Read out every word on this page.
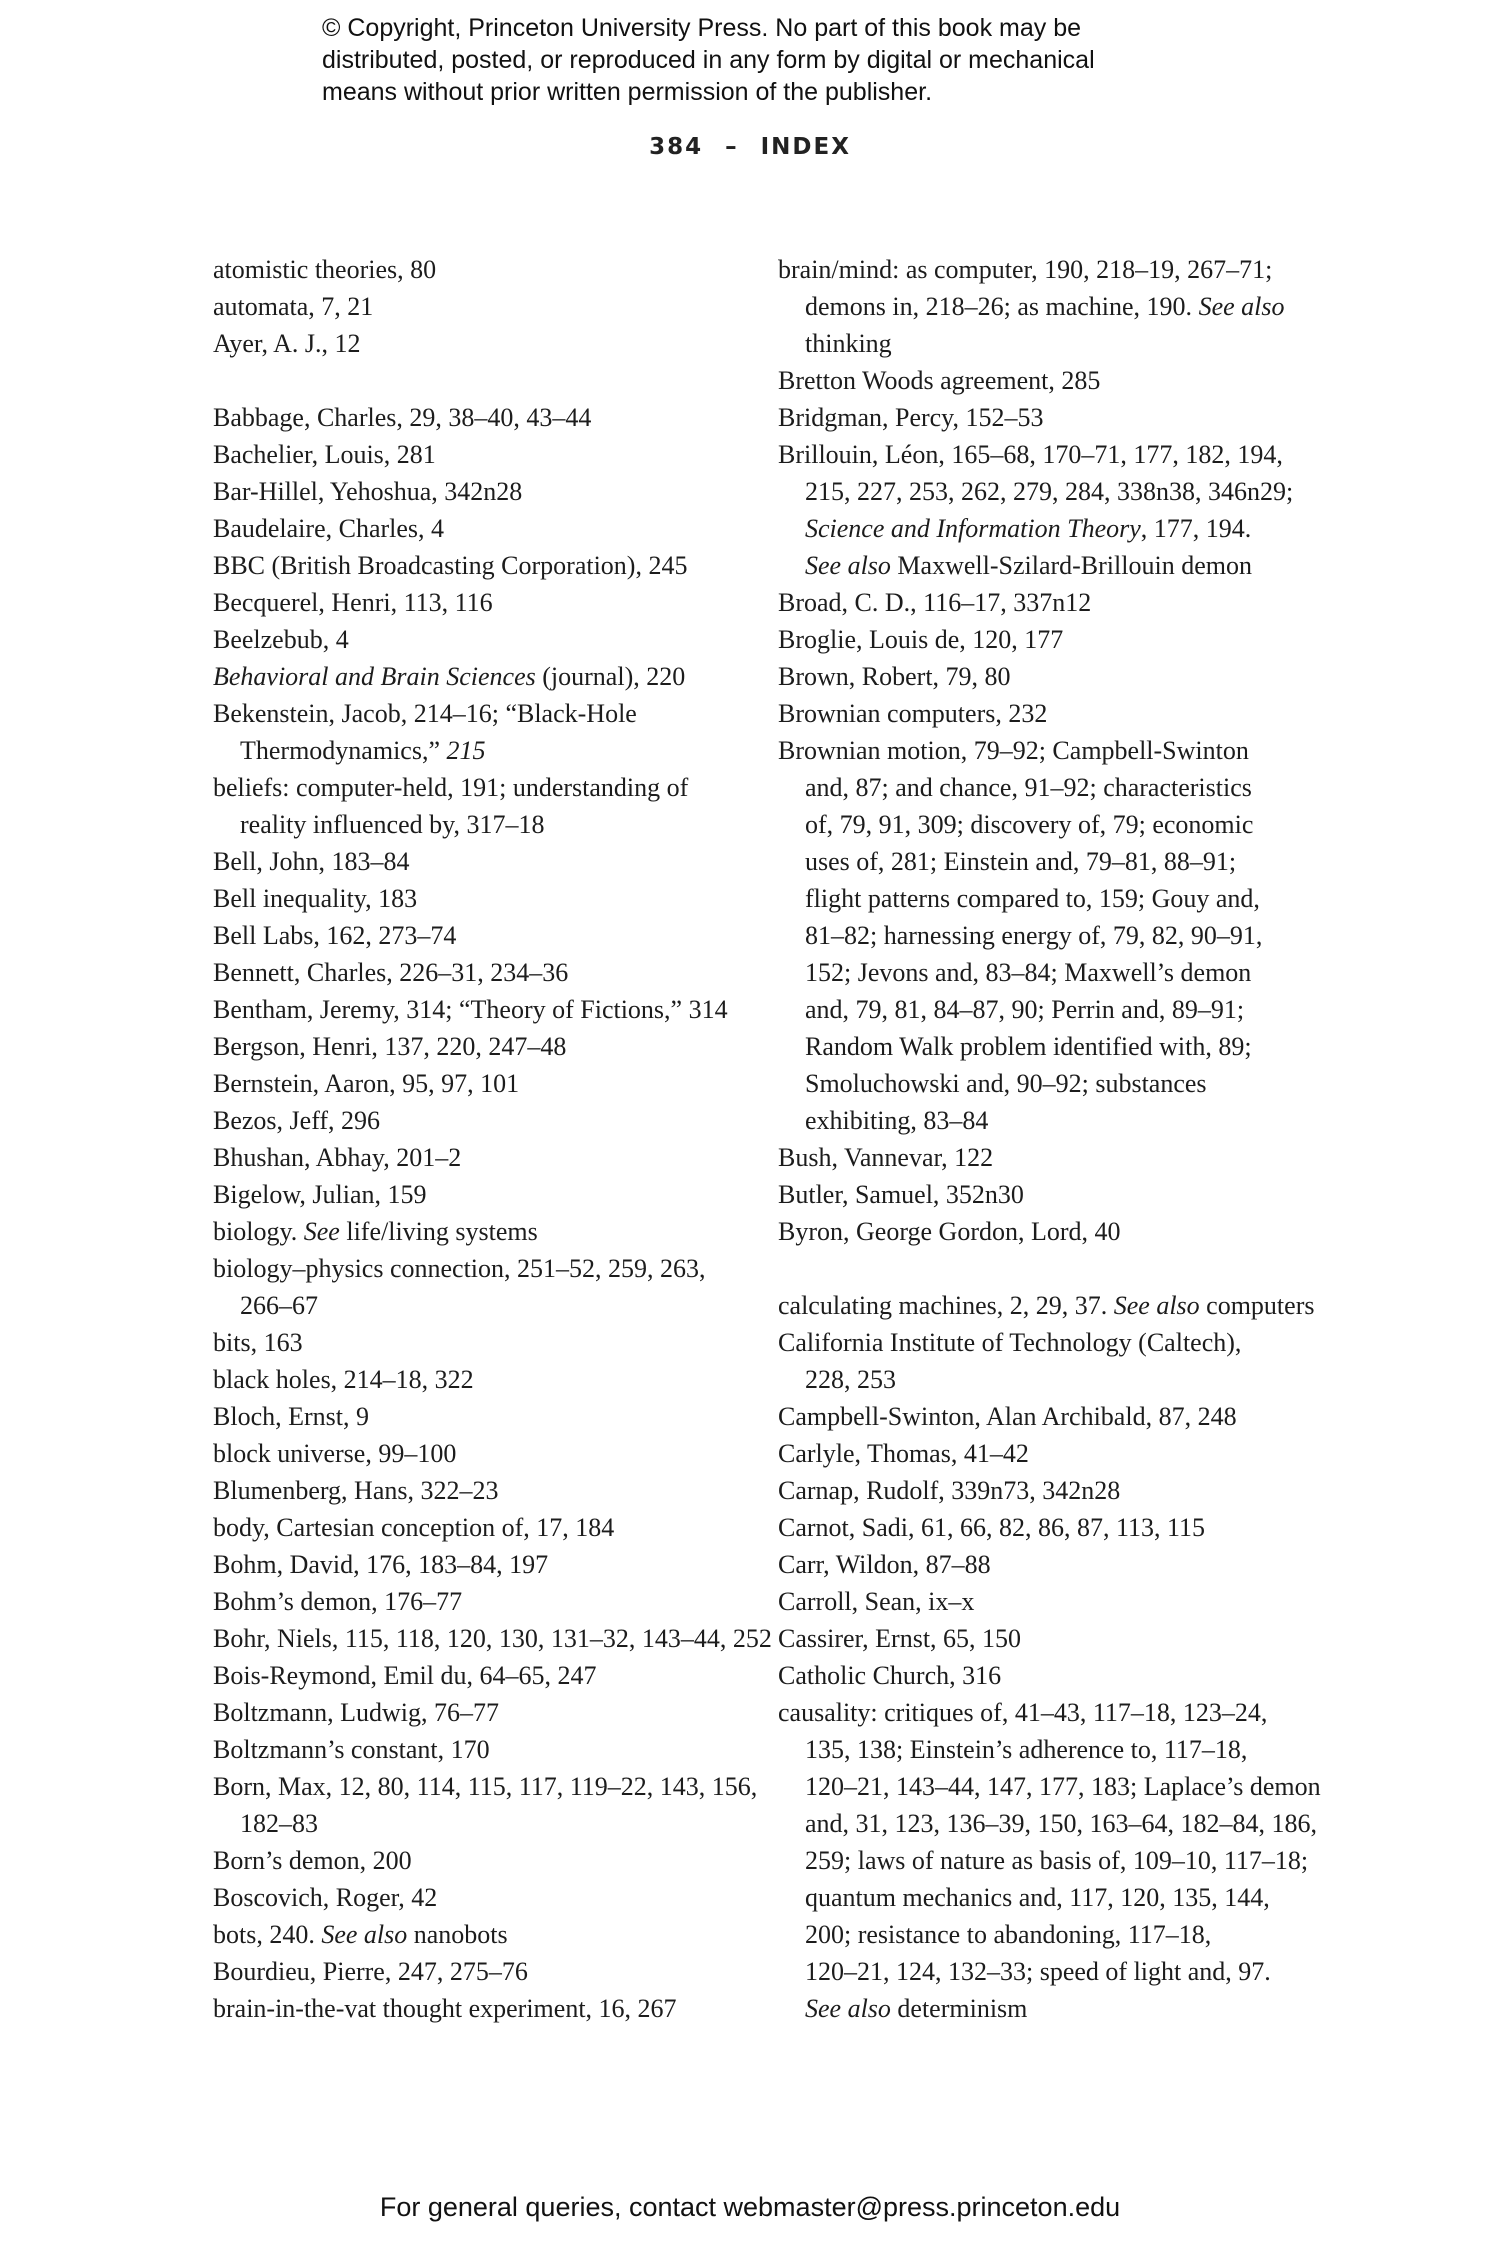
© Copyright, Princeton University Press. No part of this book may be
distributed, posted, or reproduced in any form by digital or mechanical
means without prior written permission of the publisher.
384 – INDEX
atomistic theories, 80
automata, 7, 21
Ayer, A. J., 12
Babbage, Charles, 29, 38–40, 43–44
Bachelier, Louis, 281
Bar-Hillel, Yehoshua, 342n28
Baudelaire, Charles, 4
BBC (British Broadcasting Corporation), 245
Becquerel, Henri, 113, 116
Beelzebub, 4
Behavioral and Brain Sciences (journal), 220
Bekenstein, Jacob, 214–16; “Black-Hole
Thermodynamics,” 215
beliefs: computer-held, 191; understanding of
reality influenced by, 317–18
Bell, John, 183–84
Bell inequality, 183
Bell Labs, 162, 273–74
Bennett, Charles, 226–31, 234–36
Bentham, Jeremy, 314; “Theory of Fictions,” 314
Bergson, Henri, 137, 220, 247–48
Bernstein, Aaron, 95, 97, 101
Bezos, Jeff, 296
Bhushan, Abhay, 201–2
Bigelow, Julian, 159
biology. See life/living systems
biology–physics connection, 251–52, 259, 263,
266–67
bits, 163
black holes, 214–18, 322
Bloch, Ernst, 9
block universe, 99–100
Blumenberg, Hans, 322–23
body, Cartesian conception of, 17, 184
Bohm, David, 176, 183–84, 197
Bohm’s demon, 176–77
Bohr, Niels, 115, 118, 120, 130, 131–32, 143–44, 252
Bois-Reymond, Emil du, 64–65, 247
Boltzmann, Ludwig, 76–77
Boltzmann’s constant, 170
Born, Max, 12, 80, 114, 115, 117, 119–22, 143, 156,
182–83
Born’s demon, 200
Boscovich, Roger, 42
bots, 240. See also nanobots
Bourdieu, Pierre, 247, 275–76
brain-in-the-vat thought experiment, 16, 267
brain/mind: as computer, 190, 218–19, 267–71;
demons in, 218–26; as machine, 190. See also
thinking
Bretton Woods agreement, 285
Bridgman, Percy, 152–53
Brillouin, Léon, 165–68, 170–71, 177, 182, 194,
215, 227, 253, 262, 279, 284, 338n38, 346n29;
Science and Information Theory, 177, 194.
See also Maxwell-Szilard-Brillouin demon
Broad, C. D., 116–17, 337n12
Broglie, Louis de, 120, 177
Brown, Robert, 79, 80
Brownian computers, 232
Brownian motion, 79–92; Campbell-Swinton
and, 87; and chance, 91–92; characteristics
of, 79, 91, 309; discovery of, 79; economic
uses of, 281; Einstein and, 79–81, 88–91;
flight patterns compared to, 159; Gouy and,
81–82; harnessing energy of, 79, 82, 90–91,
152; Jevons and, 83–84; Maxwell’s demon
and, 79, 81, 84–87, 90; Perrin and, 89–91;
Random Walk problem identified with, 89;
Smoluchowski and, 90–92; substances
exhibiting, 83–84
Bush, Vannevar, 122
Butler, Samuel, 352n30
Byron, George Gordon, Lord, 40
calculating machines, 2, 29, 37. See also computers
California Institute of Technology (Caltech),
228, 253
Campbell-Swinton, Alan Archibald, 87, 248
Carlyle, Thomas, 41–42
Carnap, Rudolf, 339n73, 342n28
Carnot, Sadi, 61, 66, 82, 86, 87, 113, 115
Carr, Wildon, 87–88
Carroll, Sean, ix–x
Cassirer, Ernst, 65, 150
Catholic Church, 316
causality: critiques of, 41–43, 117–18, 123–24,
135, 138; Einstein’s adherence to, 117–18,
120–21, 143–44, 147, 177, 183; Laplace’s demon
and, 31, 123, 136–39, 150, 163–64, 182–84, 186,
259; laws of nature as basis of, 109–10, 117–18;
quantum mechanics and, 117, 120, 135, 144,
200; resistance to abandoning, 117–18,
120–21, 124, 132–33; speed of light and, 97.
See also determinism
For general queries, contact webmaster@press.princeton.edu
